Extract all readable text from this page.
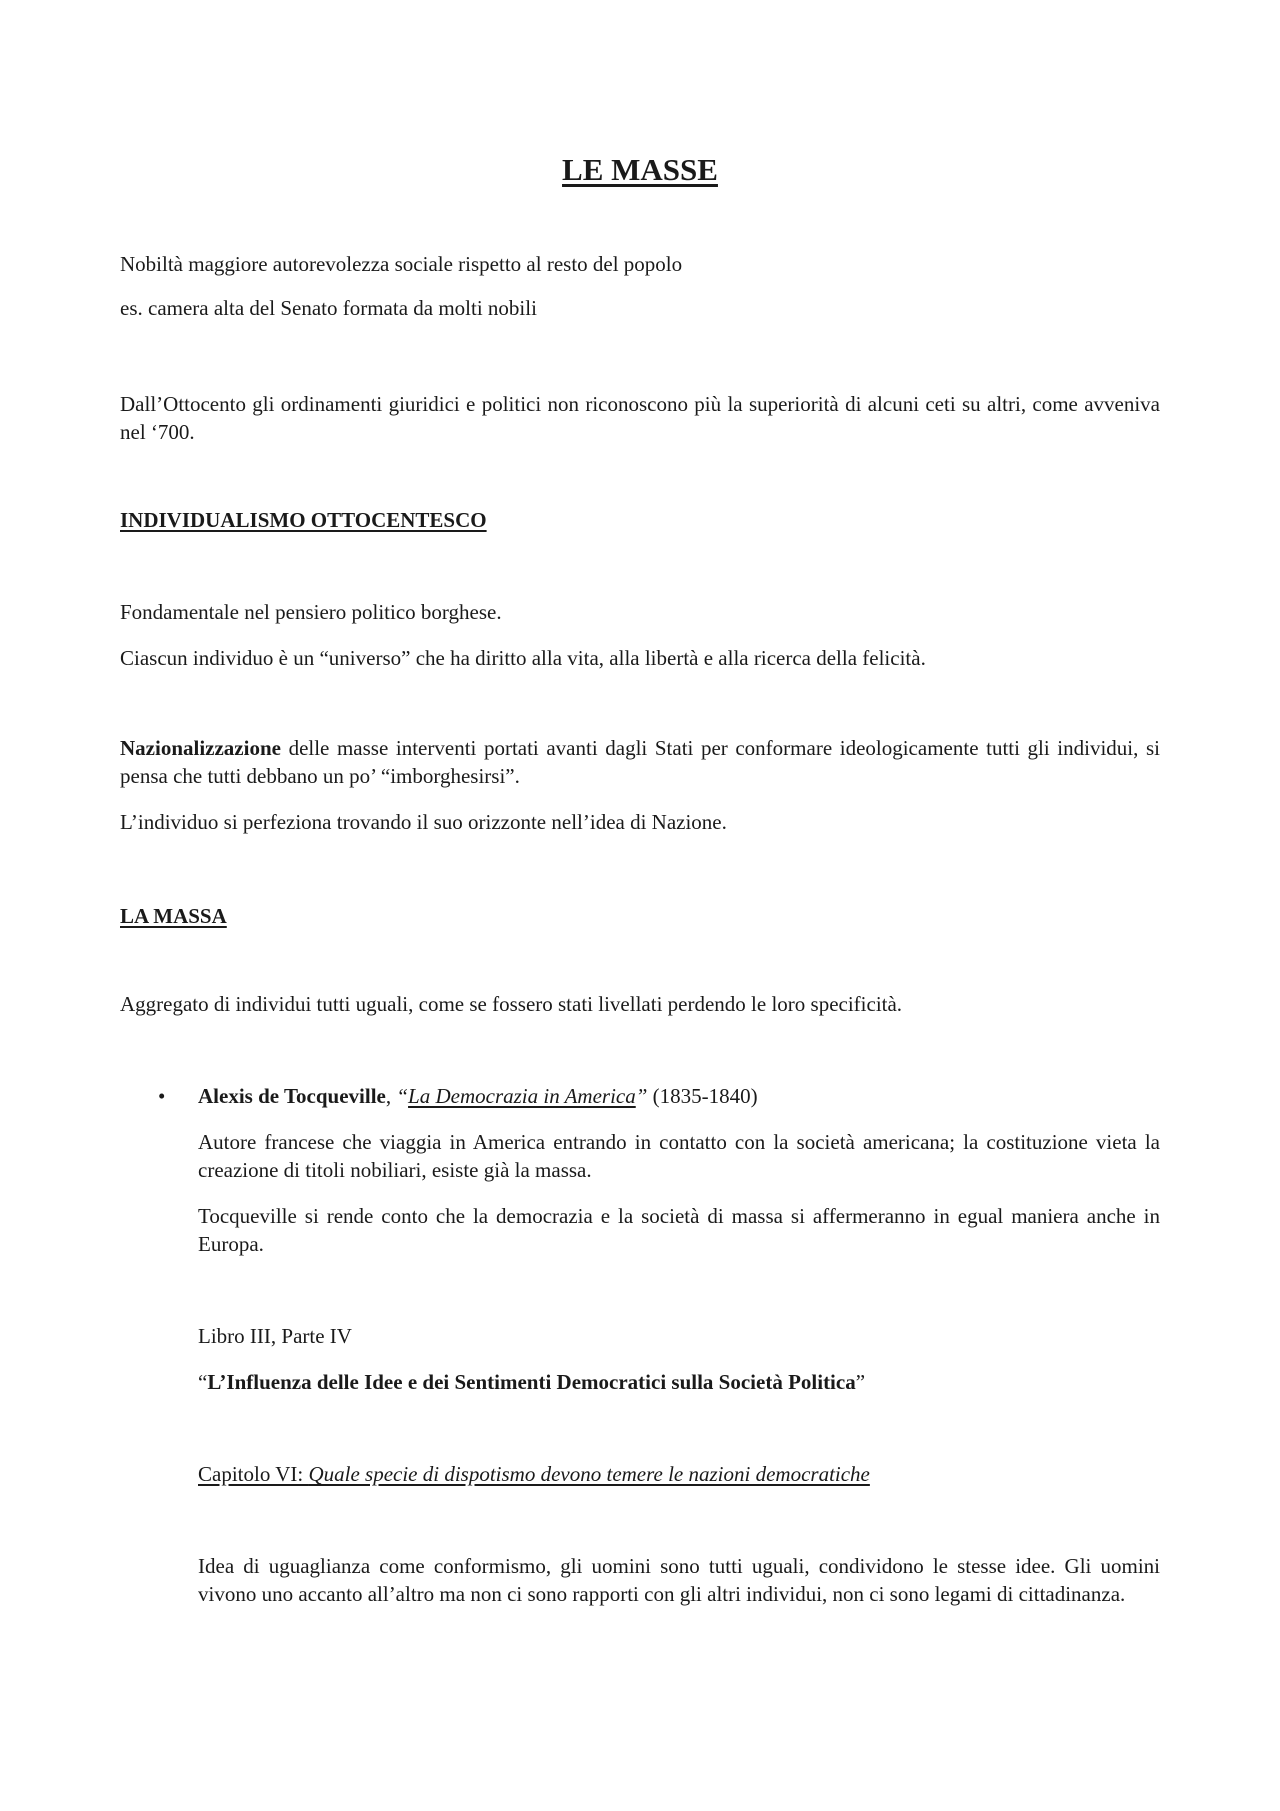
LE MASSE

Nobiltà maggiore autorevolezza sociale rispetto al resto del popolo

es. camera alta del Senato formata da molti nobili

Dall’Ottocento gli ordinamenti giuridici e politici non riconoscono più la superiorità di alcuni ceti su altri, come avveniva nel ‘700.

INDIVIDUALISMO OTTOCENTESCO

Fondamentale nel pensiero politico borghese.

Ciascun individuo è un “universo” che ha diritto alla vita, alla libertà e alla ricerca della felicità.

Nazionalizzazione delle masse interventi portati avanti dagli Stati per conformare ideologicamente tutti gli individui, si pensa che tutti debbano un po’ “imborghesirsi”.

L’individuo si perfeziona trovando il suo orizzonte nell’idea di Nazione.

LA MASSA

Aggregato di individui tutti uguali, come se fossero stati livellati perdendo le loro specificità.

• Alexis de Tocqueville, “La Democrazia in America” (1835-1840)

Autore francese che viaggia in America entrando in contatto con la società americana; la costituzione vieta la creazione di titoli nobiliari, esiste già la massa.

Tocqueville si rende conto che la democrazia e la società di massa si affermeranno in egual maniera anche in Europa.

Libro III, Parte IV

“L’Influenza delle Idee e dei Sentimenti Democratici sulla Società Politica”

Capitolo VI: Quale specie di dispotismo devono temere le nazioni democratiche

Idea di uguaglianza come conformismo, gli uomini sono tutti uguali, condividono le stesse idee. Gli uomini vivono uno accanto all’altro ma non ci sono rapporti con gli altri individui, non ci sono legami di cittadinanza.
